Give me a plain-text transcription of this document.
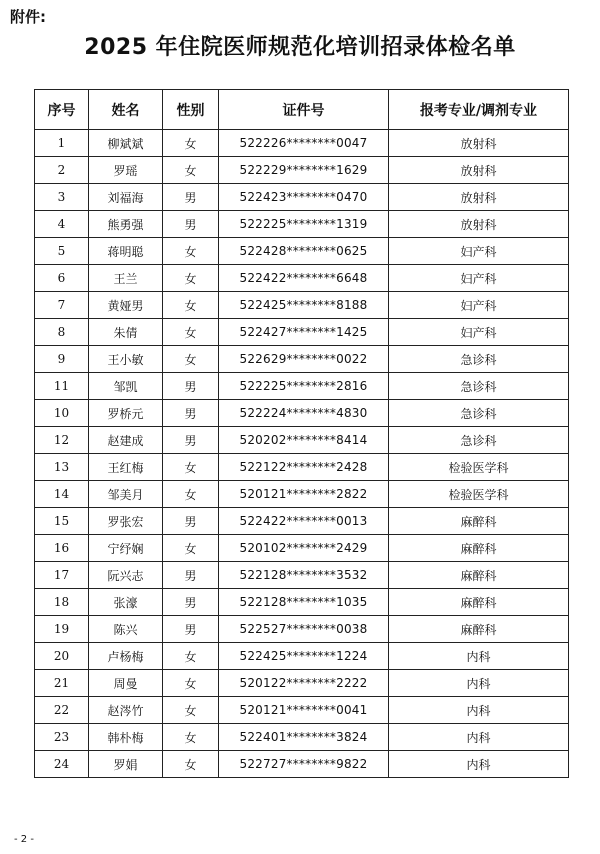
附件:
2025 年住院医师规范化培训招录体检名单
序号	姓名	性别	证件号	报考专业/调剂专业
1	柳斌斌	女	522226********0047	放射科
2	罗瑶	女	522229********1629	放射科
3	刘福海	男	522423********0470	放射科
4	熊勇强	男	522225********1319	放射科
5	蒋明聪	女	522428********0625	妇产科
6	王兰	女	522422********6648	妇产科
7	黄娅男	女	522425********8188	妇产科
8	朱倩	女	522427********1425	妇产科
9	王小敏	女	522629********0022	急诊科
11	邹凯	男	522225********2816	急诊科
10	罗桥元	男	522224********4830	急诊科
12	赵建成	男	520202********8414	急诊科
13	王红梅	女	522122********2428	检验医学科
14	邹美月	女	520121********2822	检验医学科
15	罗张宏	男	522422********0013	麻醉科
16	宁纾娴	女	520102********2429	麻醉科
17	阮兴志	男	522128********3532	麻醉科
18	张濠	男	522128********1035	麻醉科
19	陈兴	男	522527********0038	麻醉科
20	卢杨梅	女	522425********1224	内科
21	周曼	女	520122********2222	内科
22	赵涔竹	女	520121********0041	内科
23	韩朴梅	女	522401********3824	内科
24	罗娟	女	522727********9822	内科
- 2 -
